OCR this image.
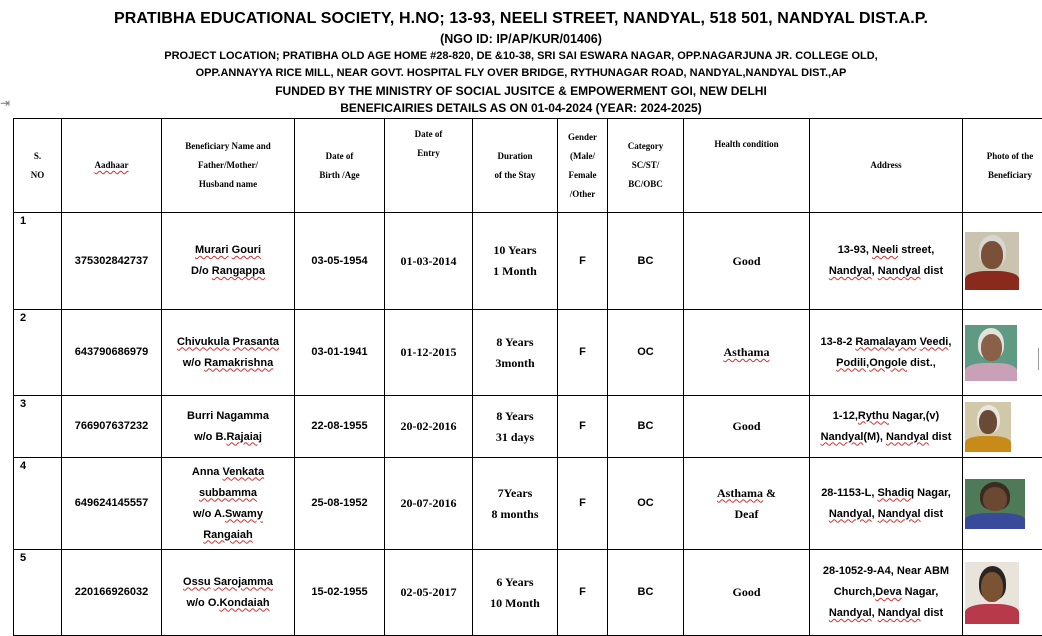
⇥
PRATIBHA EDUCATIONAL SOCIETY, H.NO; 13-93, NEELI STREET, NANDYAL, 518 501, NANDYAL DIST.A.P.
(NGO ID: IP/AP/KUR/01406)
PROJECT LOCATION; PRATIBHA OLD AGE HOME #28-820, DE &10-38, SRI SAI ESWARA NAGAR, OPP.NAGARJUNA JR. COLLEGE OLD,
OPP.ANNAYYA RICE MILL, NEAR GOVT. HOSPITAL FLY OVER BRIDGE, RYTHUNAGAR ROAD, NANDYAL,NANDYAL DIST.,AP
FUNDED BY THE MINISTRY OF SOCIAL JUSITCE & EMPOWERMENT GOI, NEW DELHI
BENEFICAIRIES DETAILS AS ON 01-04-2024 (YEAR: 2024-2025)
S.
NO	Aadhaar	Beneficiary Name and
Father/Mother/
Husband name	Date of
Birth /Age	Date of
Entry	Duration
of the Stay	Gender
(Male/
Female
/Other	Category
SC/ST/
BC/OBC	Health condition	Address	Photo of the
Beneficiary
1	375302842737	Murari Gouri
D/o Rangappa	03-05-1954	01-03-2014	10 Years
1 Month	F	BC	Good	13-93, Neeli street,
Nandyal, Nandyal dist	

2	643790686979	Chivukula Prasanta
w/o Ramakrishna	03-01-1941	01-12-2015	8 Years
3month	F	OC	Asthama	13-8-2 Ramalayam Veedi,
Podili,Ongole dist.,	

3	766907637232	Burri Nagamma
w/o B.Rajaiaj	22-08-1955	20-02-2016	8 Years
31 days	F	BC	Good	1-12,Rythu Nagar,(v)
Nandyal(M), Nandyal dist	

4	649624145557	Anna Venkata
subbamma
w/o A.Swamy
Rangaiah	25-08-1952	20-07-2016	7Years
8 months	F	OC	Asthama &
Deaf	28-1153-L, Shadiq Nagar,
Nandyal, Nandyal dist	

5	220166926032	Ossu Sarojamma
w/o O.Kondaiah	15-02-1955	02-05-2017	6 Years
10 Month	F	BC	Good	28-1052-9-A4, Near ABM
Church,Deva Nagar,
Nandyal, Nandyal dist	
